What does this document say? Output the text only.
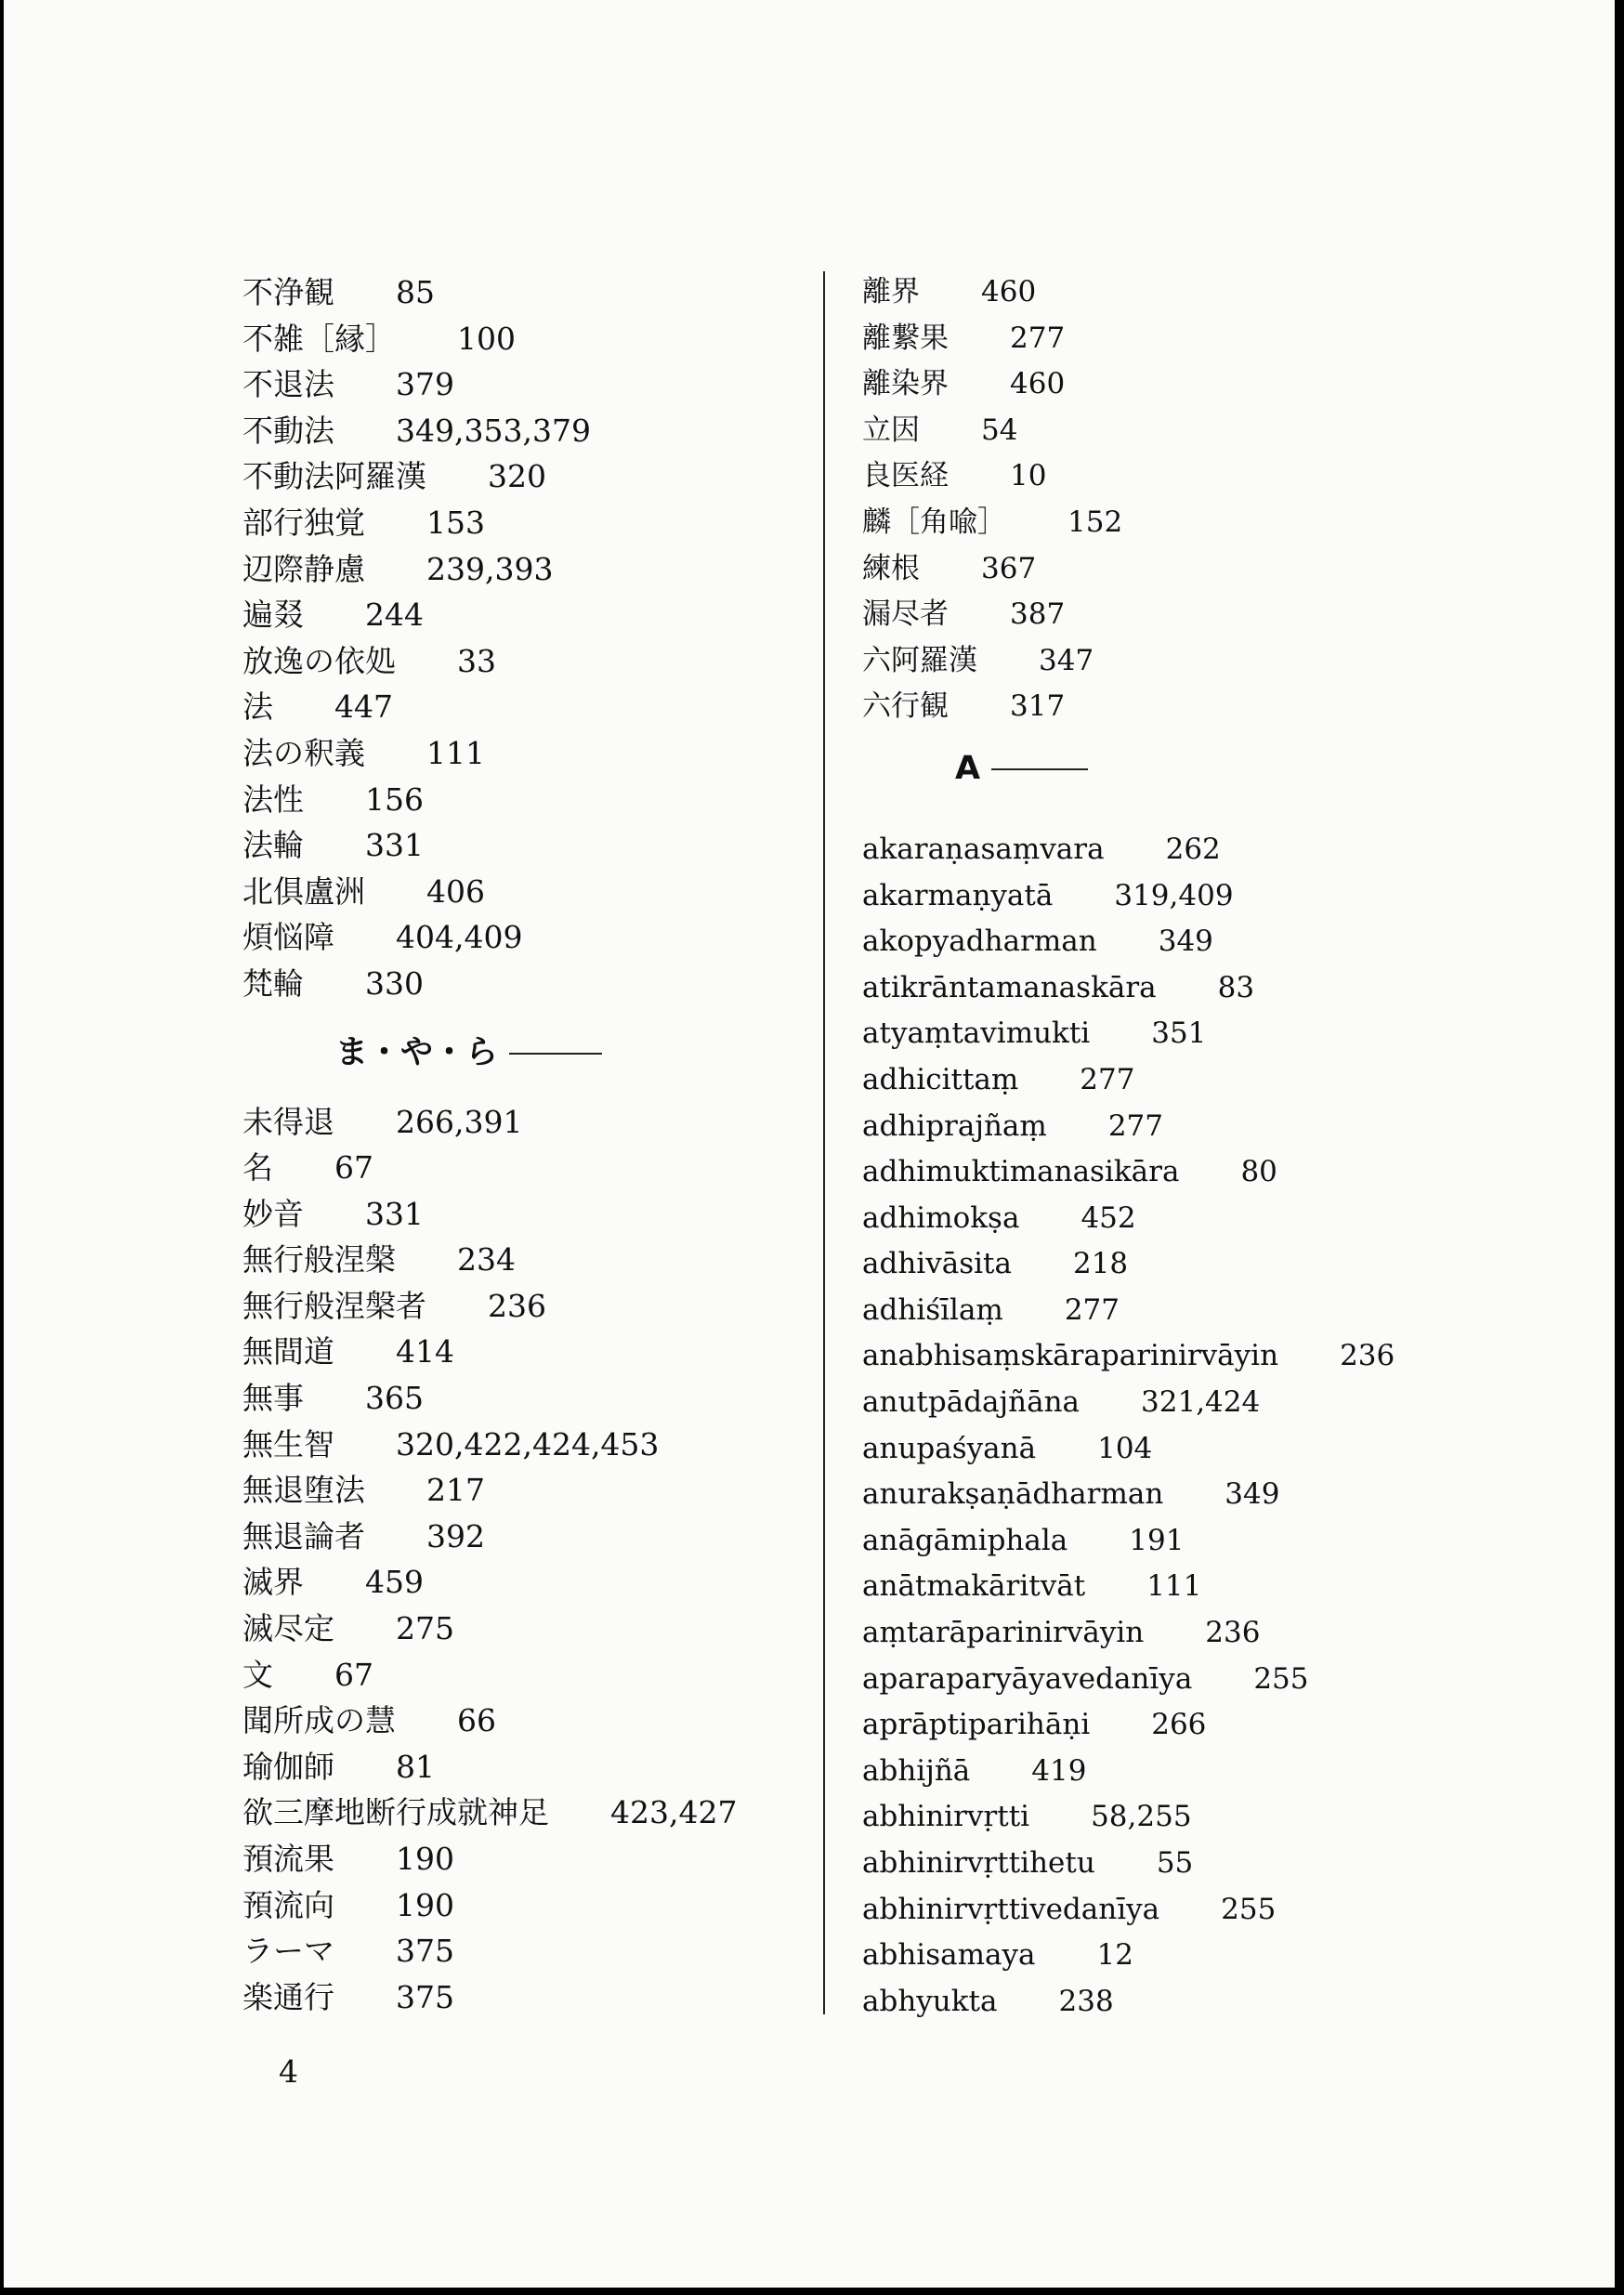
不浄観 85
不雑［縁］ 100
不退法 379
不動法 349,353,379
不動法阿羅漢 320
部行独覚 153
辺際静慮 239,393
遍叕 244
放逸の依処 33
法 447
法の釈義 111
法性 156
法輪 331
北俱盧洲 406
煩悩障 404,409
梵輪 330
ま・や・ら
未得退 266,391
名 67
妙音 331
無行般涅槃 234
無行般涅槃者 236
無間道 414
無事 365
無生智 320,422,424,453
無退堕法 217
無退論者 392
滅界 459
滅尽定 275
文 67
聞所成の慧 66
瑜伽師 81
欲三摩地断行成就神足 423,427
預流果 190
預流向 190
ラーマ 375
楽通行 375
離界 460
離繋果 277
離染界 460
立因 54
良医経 10
麟［角喩］ 152
練根 367
漏尽者 387
六阿羅漢 347
六行観 317
A
akaraṇasaṃvara 262
akarmaṇyatā 319,409
akopyadharman 349
atikrāntamanaskāra 83
atyaṃtavimukti 351
adhicittaṃ 277
adhiprajñaṃ 277
adhimuktimanasikāra 80
adhimokṣa 452
adhivāsita 218
adhiśīlaṃ 277
anabhisaṃskāraparinirvāyin 236
anutpādajñāna 321,424
anupaśyanā 104
anurakṣaṇādharman 349
anāgāmiphala 191
anātmakāritvāt 111
aṃtarāparinirvāyin 236
aparaparyāyavedanīya 255
aprāptiparihāṇi 266
abhijñā 419
abhinirvṛtti 58,255
abhinirvṛttihetu 55
abhinirvṛttivedanīya 255
abhisamaya 12
abhyukta 238
4
